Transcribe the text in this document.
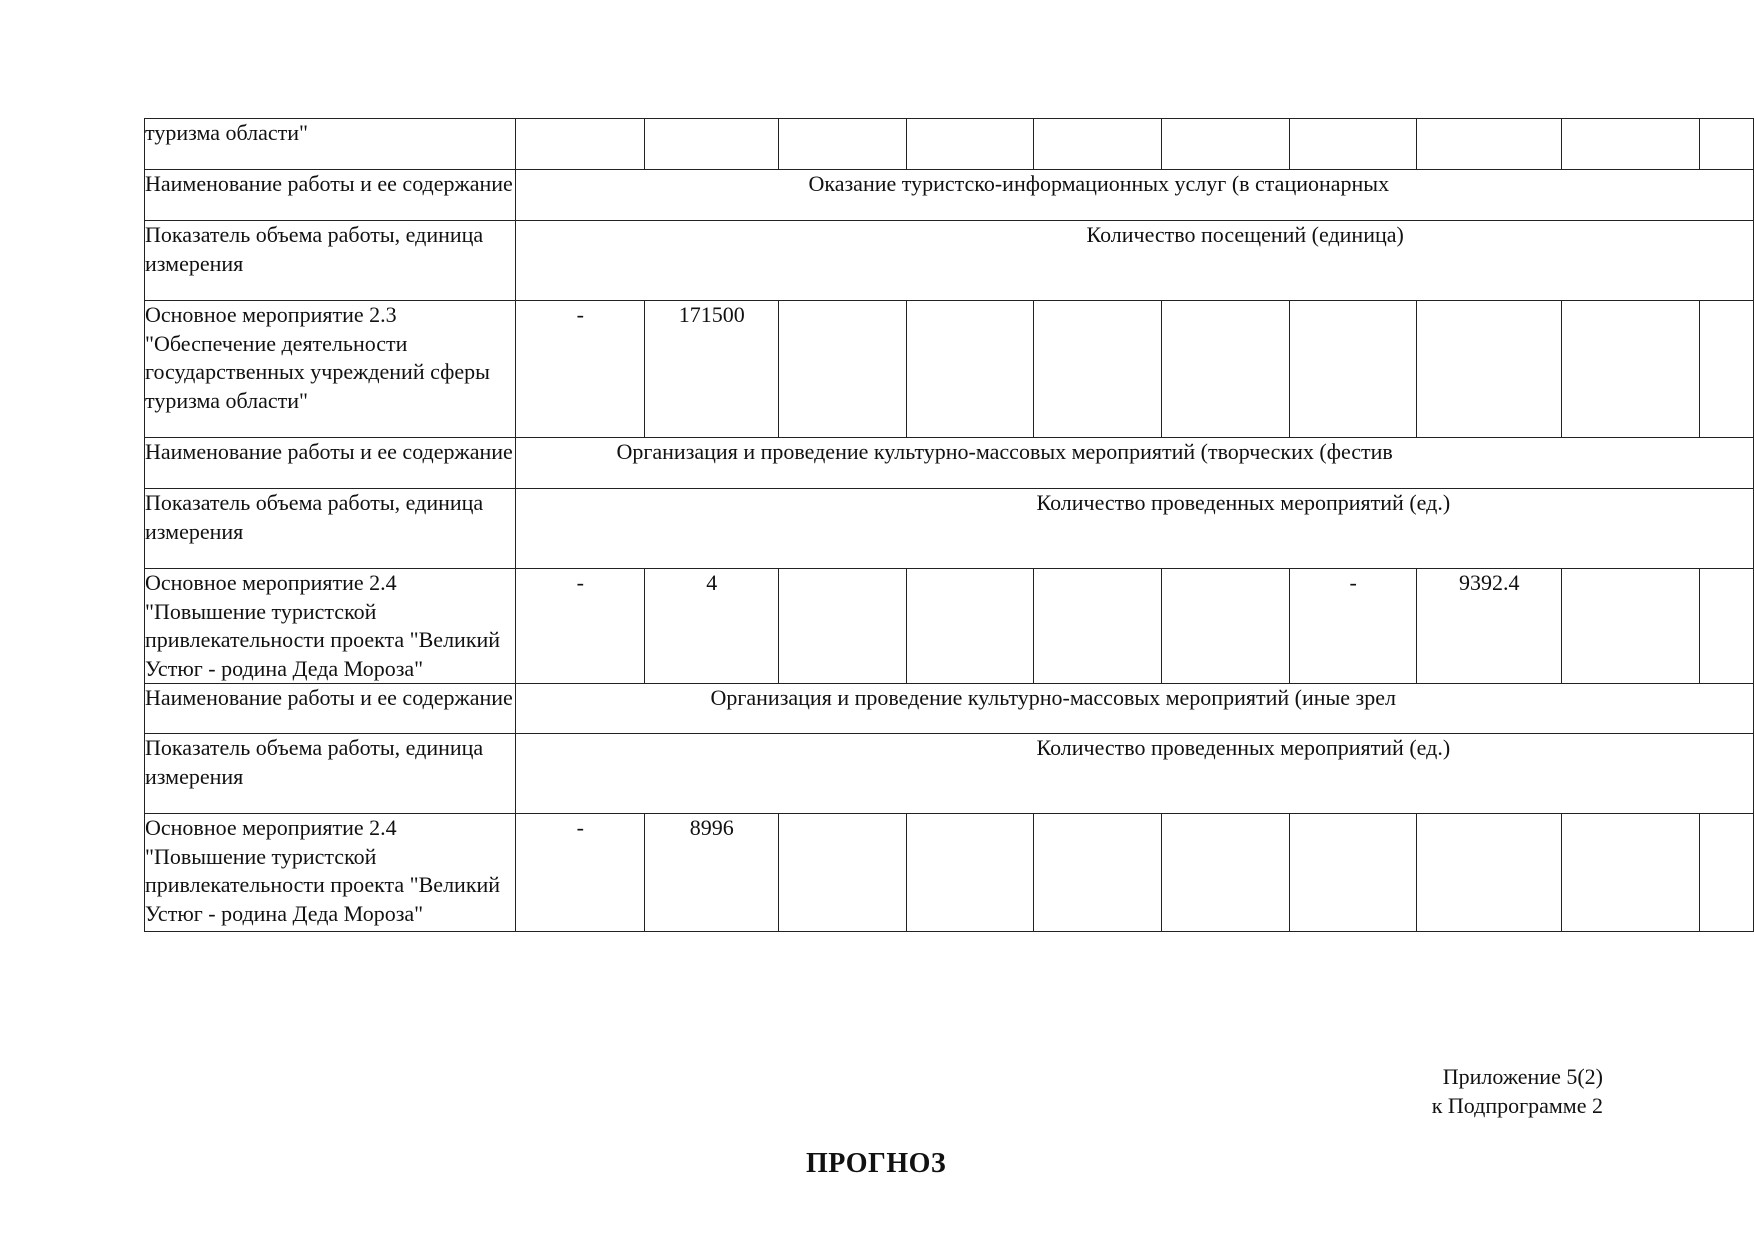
туризма области"										
Наименование работы и ее содержание	Оказание туристско-информационных услуг (в стационарных									

Показатель объема работы, единица измерения	Количество посещений (единица)									

Основное мероприятие 2.3 "Обеспечение деятельности государственных учреждений сферы туризма области"	-	171500								
Наименование работы и ее содержание	Организация и проведение культурно-массовых мероприятий (творческих (фестив									

Показатель объема работы, единица измерения	Количество проведенных мероприятий (ед.)									

Основное мероприятие 2.4 "Повышение туристской привлекательности проекта "Великий Устюг - родина Деда Мороза"	-	4					-	9392.4		
Наименование работы и ее содержание	Организация и проведение культурно-массовых мероприятий (иные зрел									

Показатель объема работы, единица измерения	Количество проведенных мероприятий (ед.)									

Основное мероприятие 2.4 "Повышение туристской привлекательности проекта "Великий Устюг - родина Деда Мороза"	-	8996								
Приложение 5(2)
к Подпрограмме 2
ПРОГНОЗ
